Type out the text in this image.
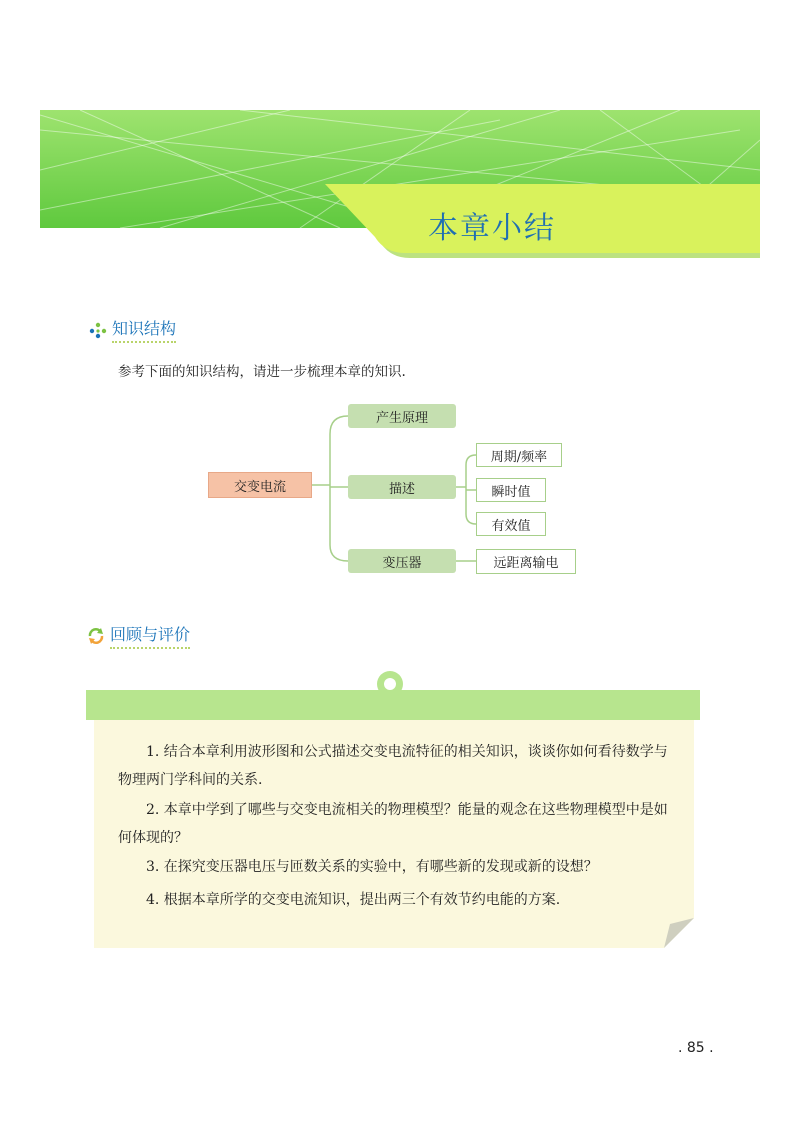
本章小结
知识结构
参考下面的知识结构，请进一步梳理本章的知识.
交变电流
产生原理
描述
变压器
周期/频率
瞬时值
有效值
远距离输电
回顾与评价
1. 结合本章利用波形图和公式描述交变电流特征的相关知识，谈谈你如何看待数学与物理两门学科间的关系.
2. 本章中学到了哪些与交变电流相关的物理模型？能量的观念在这些物理模型中是如何体现的？
3. 在探究变压器电压与匝数关系的实验中，有哪些新的发现或新的设想？
4. 根据本章所学的交变电流知识，提出两三个有效节约电能的方案.
. 85 .
